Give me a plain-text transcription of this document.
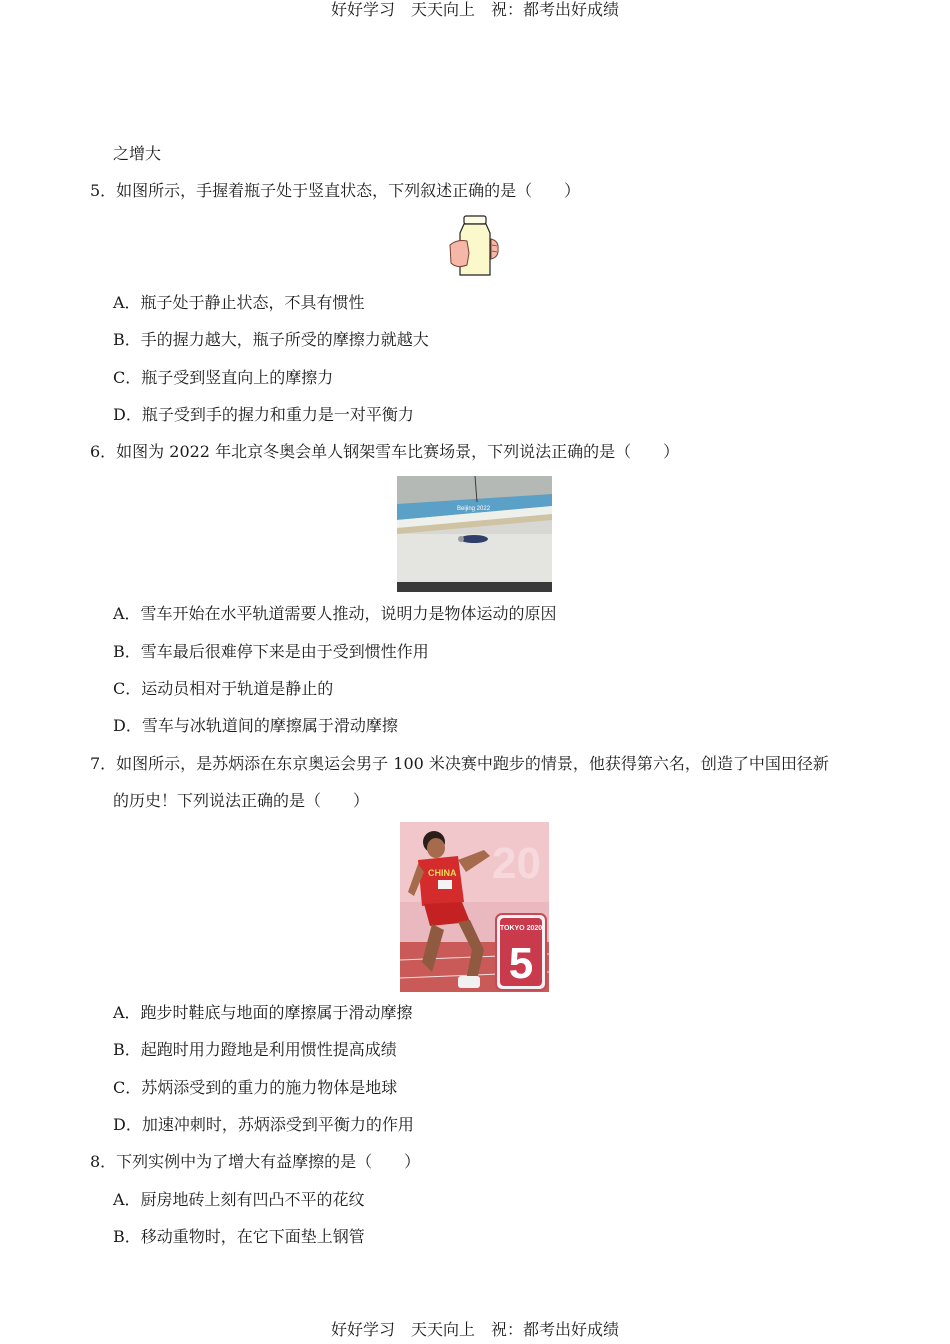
好好学习　天天向上　祝：都考出好成绩
之增大
5．如图所示，手握着瓶子处于竖直状态，下列叙述正确的是（　　）
A．瓶子处于静止状态，不具有惯性
B．手的握力越大，瓶子所受的摩擦力就越大
C．瓶子受到竖直向上的摩擦力
D．瓶子受到手的握力和重力是一对平衡力
6．如图为 2022 年北京冬奥会单人钢架雪车比赛场景，下列说法正确的是（　　）
Beijing 2022
A．雪车开始在水平轨道需要人推动，说明力是物体运动的原因
B．雪车最后很难停下来是由于受到惯性作用
C．运动员相对于轨道是静止的
D．雪车与冰轨道间的摩擦属于滑动摩擦
7．如图所示，是苏炳添在东京奥运会男子 100 米决赛中跑步的情景，他获得第六名，创造了中国田径新
的历史！下列说法正确的是（　　）
20
CHINA
TOKYO 2020
5
A．跑步时鞋底与地面的摩擦属于滑动摩擦
B．起跑时用力蹬地是利用惯性提高成绩
C．苏炳添受到的重力的施力物体是地球
D．加速冲刺时，苏炳添受到平衡力的作用
8．下列实例中为了增大有益摩擦的是（　　）
A．厨房地砖上刻有凹凸不平的花纹
B．移动重物时，在它下面垫上钢管
好好学习　天天向上　祝：都考出好成绩
